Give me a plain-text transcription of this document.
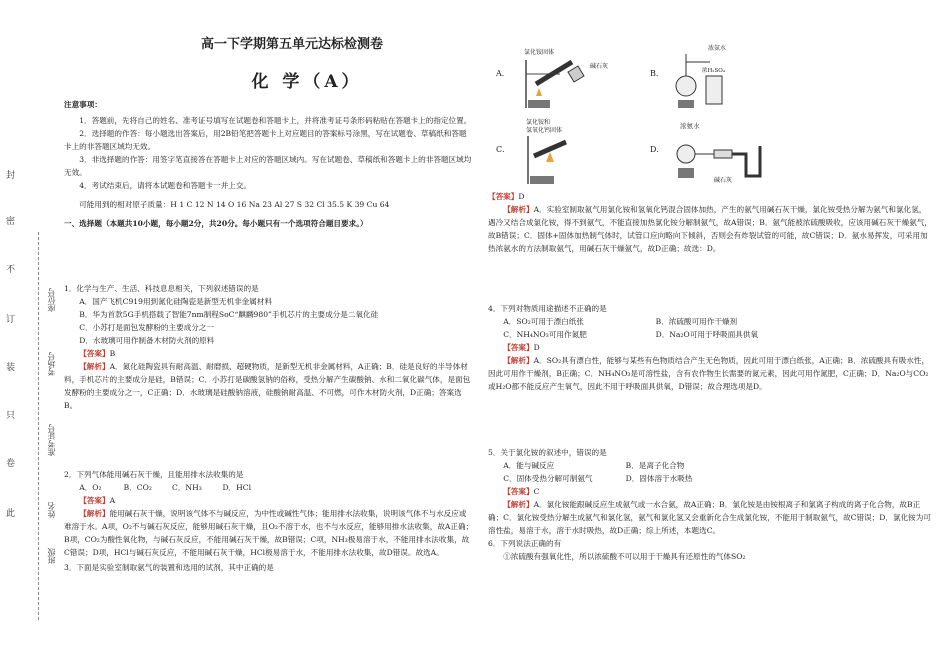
封
密
不
订
装
只
卷
此
班级
姓名
准考证号
考场号
座位号
高一下学期第五单元达标检测卷
化 学（A）
注意事项：
1．答题前，先将自己的姓名、准考证号填写在试题卷和答题卡上，并将准考证号条形码粘贴在答题卡上的指定位置。
2．选择题的作答：每小题选出答案后，用2B铅笔把答题卡上对应题目的答案标号涂黑，写在试题卷、草稿纸和答题卡上的非答题区域均无效。
3．非选择题的作答：用签字笔直接答在答题卡上对应的答题区域内。写在试题卷、草稿纸和答题卡上的非答题区域均无效。
4．考试结束后，请将本试题卷和答题卡一并上交。
可能用到的相对原子质量：H 1 C 12 N 14 O 16 Na 23 Al 27 S 32 Cl 35.5 K 39 Cu 64
一、选择题（本题共10小题，每小题2分，共20分。每小题只有一个选项符合题目要求。）
1．化学与生产、生活、科技息息相关，下列叙述错误的是
A．国产飞机C919用到氮化硅陶瓷是新型无机非金属材料
B．华为首款5G手机搭载了智能7nm制程SoC“麒麟980”手机芯片的主要成分是二氧化硅
C．小苏打是面包发酵粉的主要成分之一
D．水玻璃可用作制备木材防火剂的原料
【答案】B
【解析】A．氮化硅陶瓷具有耐高温、耐磨损、超硬物质，是新型无机非金属材料，A正确；B．硅是良好的半导体材料，手机芯片的主要成分是硅，B错误；C．小苏打是碳酸氢钠的俗称，受热分解产生碳酸钠、水和二氧化碳气体，是面包发酵粉的主要成分之一，C正确；D．水玻璃是硅酸钠溶液，硅酸钠耐高温、不可燃，可作木材防火剂，D正确；答案选B。
2．下列气体能用碱石灰干燥，且能用排水法收集的是
A．O₂	B．CO₂	C．NH₃	D．HCl
【答案】A
【解析】能用碱石灰干燥，说明该气体不与碱反应，为中性或碱性气体；能用排水法收集，说明该气体不与水反应或难溶于水。A项，O₂不与碱石灰反应，能够用碱石灰干燥，且O₂不溶于水，也不与水反应，能够用排水法收集，故A正确；B项，CO₂为酸性氧化物，与碱石灰反应，不能用碱石灰干燥，故B错误；C项，NH₃极易溶于水，不能用排水法收集，故C错误；D项，HCl与碱石灰反应，不能用碱石灰干燥，HCl极易溶于水，不能用排水法收集，故D错误。故选A。
3．下面是实验室制取氨气的装置和选用的试剂，其中正确的是
A．
氯化铵固体
碱石灰
B．
浓氨水
浓H₂SO₄
C．
氯化铵和
氢氧化钙固体
D．
浓氨水
碱石灰
【答案】D
【解析】A．实验室制取氨气用氯化铵和氢氧化钙混合固体加热，产生的氨气用碱石灰干燥，氯化铵受热分解为氨气和氯化氢，遇冷又结合成氯化铵，得不到氨气，不能直接加热氯化铵分解制氨气，故A错误；B．氨气能被浓硫酸吸收，应该用碱石灰干燥氨气，故B错误；C．固体+固体加热制气体时，试管口应向略向下倾斜，否则会有炸裂试管的可能，故C错误；D．氨水易挥发，可采用加热浓氨水的方法制取氨气，用碱石灰干燥氨气，故D正确；故选：D。
4．下列对物质用途描述不正确的是
A．SO₂可用于漂白纸张	B．浓硫酸可用作干燥剂
C．NH₄NO₃可用作氮肥	D．Na₂O可用于呼吸面具供氧
【答案】D
【解析】A．SO₂具有漂白性，能够与某些有色物质结合产生无色物质，因此可用于漂白纸张，A正确；B．浓硫酸具有吸水性，因此可用作干燥剂，B正确；C．NH₄NO₃是可溶性盐，含有农作物生长需要的氮元素，因此可用作氮肥，C正确；D．Na₂O与CO₂或H₂O都不能反应产生氧气，因此不用于呼吸面具供氧，D错误；故合理选项是D。
5．关于氯化铵的叙述中，错误的是
A．能与碱反应	B．是离子化合物
C．固体受热分解可制氨气	D．固体溶于水吸热
【答案】C
【解析】A．氯化铵能跟碱反应生成氨气或一水合氨，故A正确；B．氯化铵是由铵根离子和氯离子构成的离子化合物，故B正确；C．氯化铵受热分解生成氨气和氯化氢，氨气和氯化氢又会重新化合生成氯化铵，不能用于制取氨气，故C错误；D．氯化铵为可溶性盐，易溶于水，溶于水时吸热，故D正确；综上所述，本题选C。
6．下列说法正确的有
①浓硫酸有强氧化性，所以浓硫酸不可以用于干燥具有还原性的气体SO₂
